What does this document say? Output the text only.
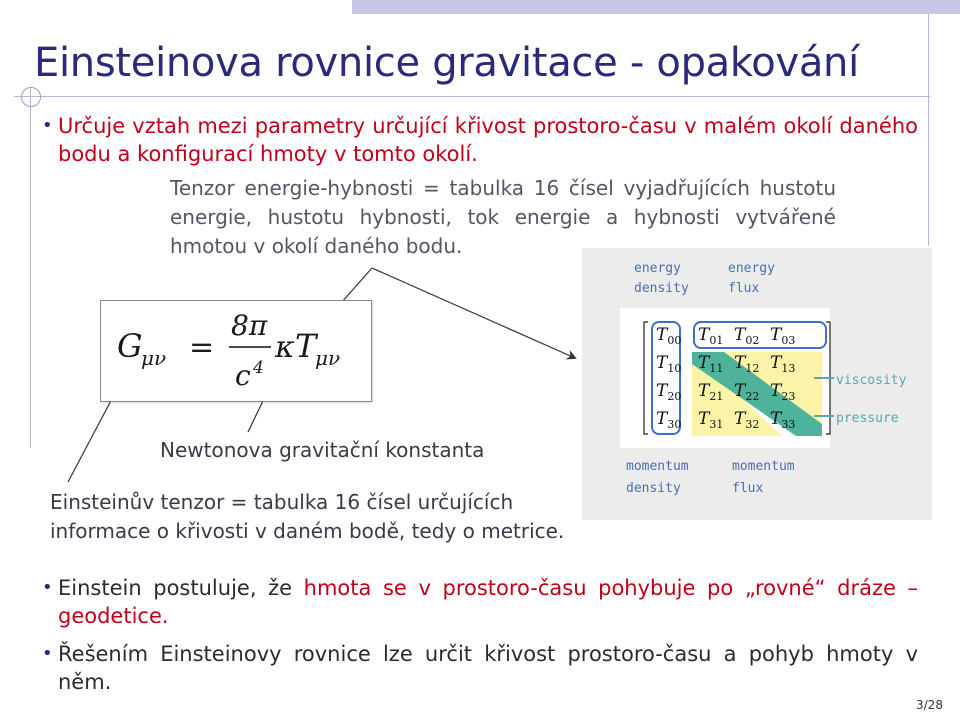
Einsteinova rovnice gravitace - opakování
• Určuje vztah mezi parametry určující křivost prostoro-času v malém okolí daného bodu a konfigurací hmoty v tomto okolí.
Tenzor energie-hybnosti = tabulka 16 čísel vyjadřujících hustotu energie, hustotu hybnosti, tok energie a hybnosti vytvářené hmotou v okolí daného bodu.
G
μν =
8π
c 4
κ T
μν
Newtonova gravitační konstanta
Einsteinův tenzor = tabulka 16 čísel určujících informace o křivosti v daném bodě, tedy o metrice.
energy
density
energy
flux
$T_{00}$ $T_{01}$ $T_{02}$ $T_{03}$
$T_{10}$ $T_{11}$ $T_{12}$ $T_{13}$
$T_{20}$ $T_{21}$ $T_{22}$ $T_{23}$
$T_{30}$ $T_{31}$ $T_{32}$ $T_{33}$
viscosity
pressure
momentum
density
momentum
flux
• Einstein postuluje, že hmota se v prostoro-času pohybuje po „rovné“ dráze – geodetice.
• Řešením Einsteinovy rovnice lze určit křivost prostoro-času a pohyb hmoty v něm.
3/28
